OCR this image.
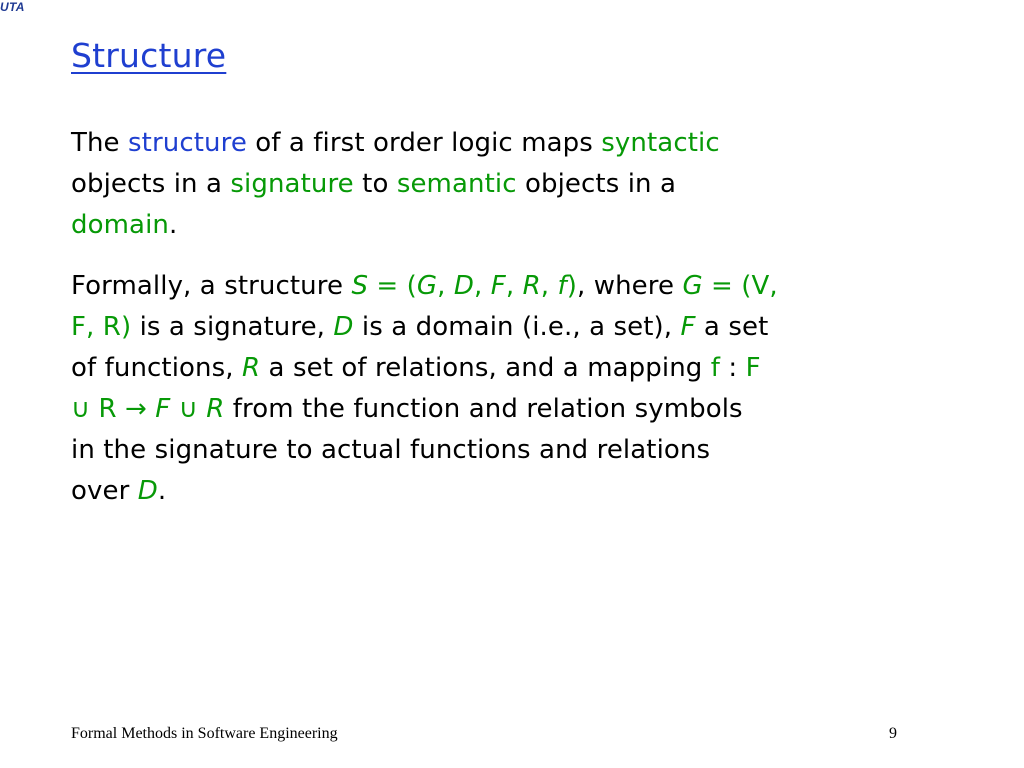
UTA
Structure

The structure of a first order logic maps syntactic
objects in a signature to semantic objects in a
domain.

Formally, a structure S = (G, D, F, R, f), where G = (V,
F, R) is a signature, D is a domain (i.e., a set), F a set
of functions, R a set of relations, and a mapping f : F
∪ R → F ∪ R from the function and relation symbols
in the signature to actual functions and relations
over D.

Formal Methods in Software Engineering	9
